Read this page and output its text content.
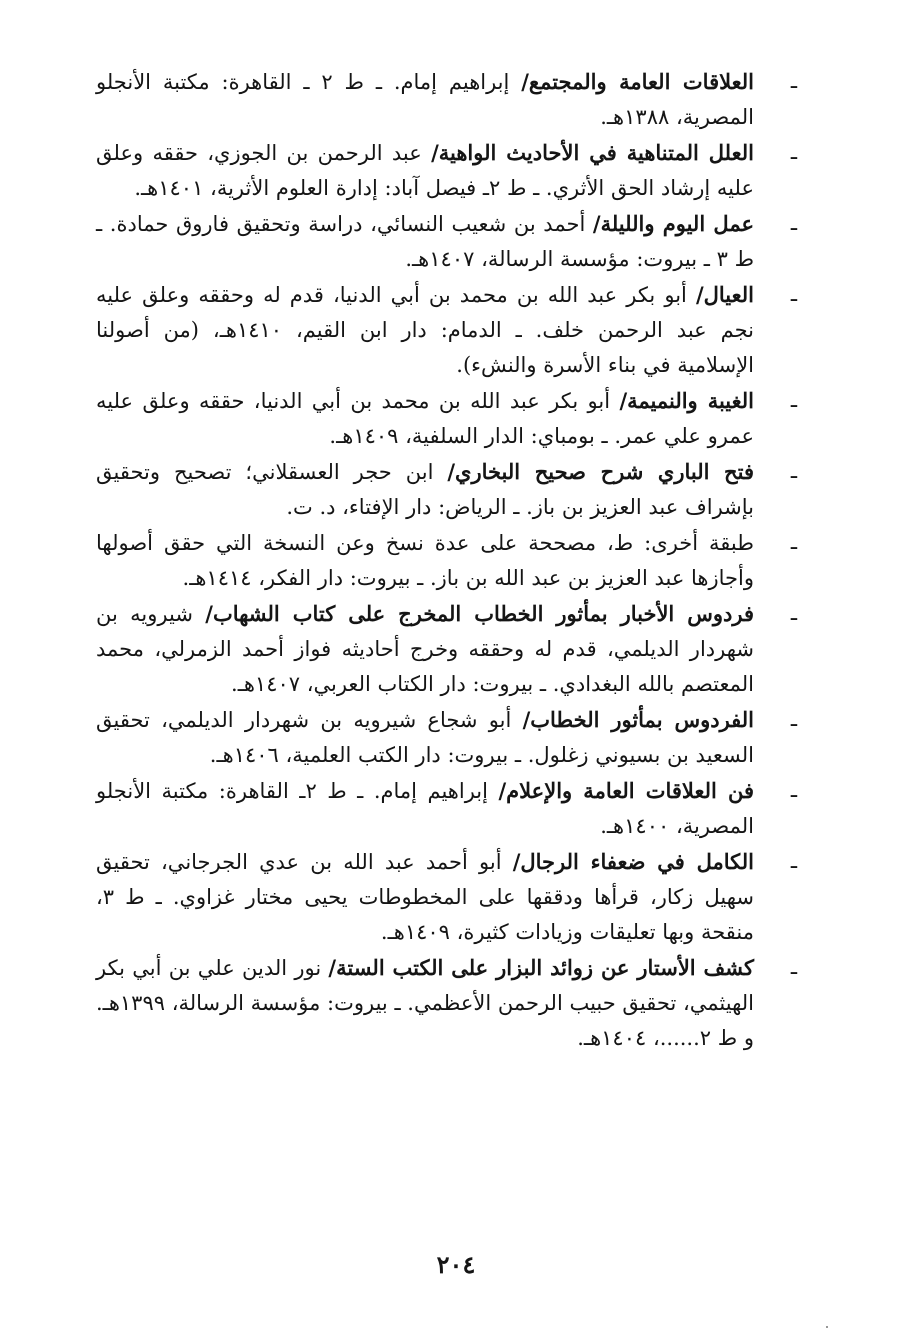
ـ
العلاقات العامة والمجتمع/ إبراهيم إمام. ـ ط ٢ ـ القاهرة: مكتبة الأنجلو المصرية، ١٣٨٨هـ.

ـ
العلل المتناهية في الأحاديث الواهية/ عبد الرحمن بن الجوزي، حققه وعلق عليه إرشاد الحق الأثري. ـ ط ٢ـ فيصل آباد: إدارة العلوم الأثرية، ١٤٠١هـ.

ـ
عمل اليوم والليلة/ أحمد بن شعيب النسائي، دراسة وتحقيق فاروق حمادة. ـ ط ٣ ـ بيروت: مؤسسة الرسالة، ١٤٠٧هـ.

ـ
العيال/ أبو بكر عبد الله بن محمد بن أبي الدنيا، قدم له وحققه وعلق عليه نجم عبد الرحمن خلف. ـ الدمام: دار ابن القيم، ١٤١٠هـ، (من أصولنا الإسلامية في بناء الأسرة والنشء).

ـ
الغيبة والنميمة/ أبو بكر عبد الله بن محمد بن أبي الدنيا، حققه وعلق عليه عمرو علي عمر. ـ بومباي: الدار السلفية، ١٤٠٩هـ.

ـ
فتح الباري شرح صحيح البخاري/ ابن حجر العسقلاني؛ تصحيح وتحقيق بإشراف عبد العزيز بن باز. ـ الرياض: دار الإفتاء، د. ت.

ـ
طبقة أخرى: ط، مصححة على عدة نسخ وعن النسخة التي حقق أصولها وأجازها عبد العزيز بن عبد الله بن باز. ـ بيروت: دار الفكر، ١٤١٤هـ.

ـ
فردوس الأخبار بمأثور الخطاب المخرج على كتاب الشهاب/ شيرويه بن شهردار الديلمي، قدم له وحققه وخرج أحاديثه فواز أحمد الزمرلي، محمد المعتصم بالله البغدادي. ـ بيروت: دار الكتاب العربي، ١٤٠٧هـ.

ـ
الفردوس بمأثور الخطاب/ أبو شجاع شيرويه بن شهردار الديلمي، تحقيق السعيد بن بسيوني زغلول. ـ بيروت: دار الكتب العلمية، ١٤٠٦هـ.

ـ
فن العلاقات العامة والإعلام/ إبراهيم إمام. ـ ط ٢ـ القاهرة: مكتبة الأنجلو المصرية، ١٤٠٠هـ.

ـ
الكامل في ضعفاء الرجال/ أبو أحمد عبد الله بن عدي الجرجاني، تحقيق سهيل زكار، قرأها ودققها على المخطوطات يحيى مختار غزاوي. ـ ط ٣، منقحة وبها تعليقات وزيادات كثيرة، ١٤٠٩هـ.

ـ
كشف الأستار عن زوائد البزار على الكتب الستة/ نور الدين علي بن أبي بكر الهيثمي، تحقيق حبيب الرحمن الأعظمي. ـ بيروت: مؤسسة الرسالة، ١٣٩٩هـ. و ط ٢......، ١٤٠٤هـ.

٢٠٤
